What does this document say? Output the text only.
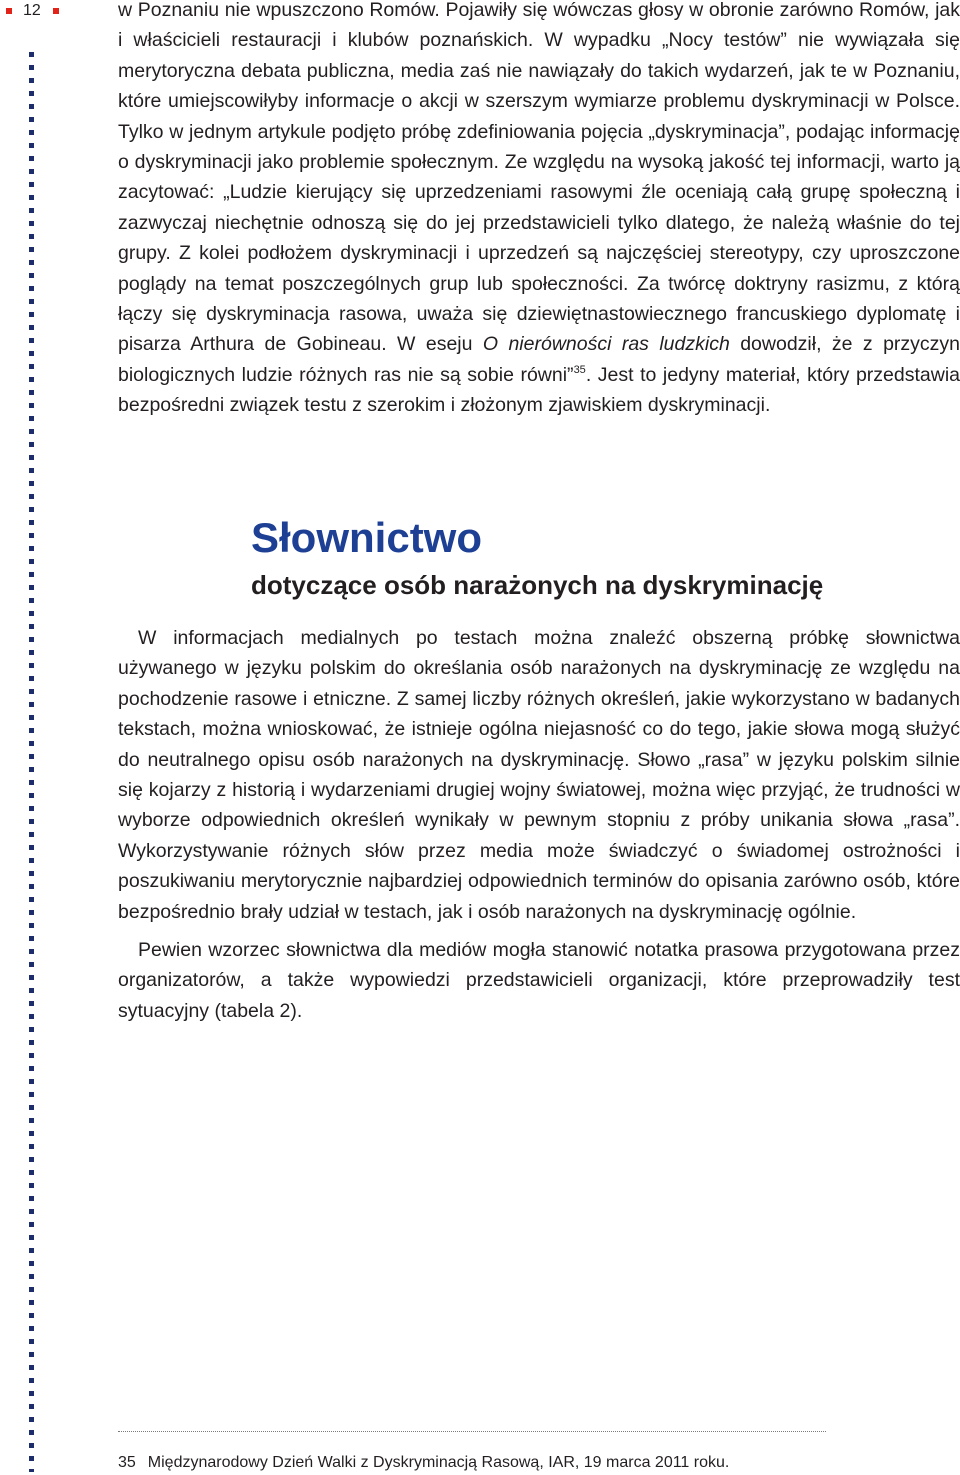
12	w Poznaniu nie wpuszczono Romów. Pojawiły się wówczas głosy w obronie zarówno Romów, jak i właścicieli restauracji i klubów poznańskich. W wypadku „Nocy testów” nie wywiązała się merytoryczna debata publiczna, media zaś nie nawiązały do takich wydarzeń, jak te w Poznaniu, które umiejscowiłyby informacje o akcji w szerszym wymiarze problemu dyskryminacji w Polsce. Tylko w jednym artykule podjęto próbę zdefiniowania pojęcia „dyskryminacja”, podając informację o dyskryminacji jako problemie społecznym. Ze względu na wysoką jakość tej informacji, warto ją zacytować: „Ludzie kierujący się uprzedzeniami rasowymi źle oceniają całą grupę społeczną i zazwyczaj niechętnie odnoszą się do jej przedstawicieli tylko dlatego, że należą właśnie do tej grupy. Z kolei podłożem dyskryminacji i uprzedzeń są najczęściej stereotypy, czy uproszczone poglądy na temat poszczególnych grup lub społeczności. Za twórcę doktryny rasizmu, z którą łączy się dyskryminacja rasowa, uważa się dziewiętnastowiecznego francuskiego dyplomatę i pisarza Arthura de Gobineau. W eseju O nierówności ras ludzkich dowodził, że z przyczyn biologicznych ludzie różnych ras nie są sobie równi”$^{35}$. Jest to jedyny materiał, który przedstawia bezpośredni związek testu z szerokim i złożonym zjawiskiem dyskryminacji.

Słownictwo
dotyczące osób narażonych na dyskryminację

W informacjach medialnych po testach można znaleźć obszerną próbkę słownictwa używanego w języku polskim do określania osób narażonych na dyskryminację ze względu na pochodzenie rasowe i etniczne. Z samej liczby różnych określeń, jakie wykorzystano w badanych tekstach, można wnioskować, że istnieje ogólna niejasność co do tego, jakie słowa mogą służyć do neutralnego opisu osób narażonych na dyskryminację. Słowo „rasa” w języku polskim silnie się kojarzy z historią i wydarzeniami drugiej wojny światowej, można więc przyjąć, że trudności w wyborze odpowiednich określeń wynikały w pewnym stopniu z próby unikania słowa „rasa”. Wykorzystywanie różnych słów przez media może świadczyć o świadomej ostrożności i poszukiwaniu merytorycznie najbardziej odpowiednich terminów do opisania zarówno osób, które bezpośrednio brały udział w testach, jak i osób narażonych na dyskryminację ogólnie.

Pewien wzorzec słownictwa dla mediów mogła stanowić notatka prasowa przygotowana przez organizatorów, a także wypowiedzi przedstawicieli organizacji, które przeprowadziły test sytuacyjny (tabela 2).

35 Międzynarodowy Dzień Walki z Dyskryminacją Rasową, IAR, 19 marca 2011 roku.
